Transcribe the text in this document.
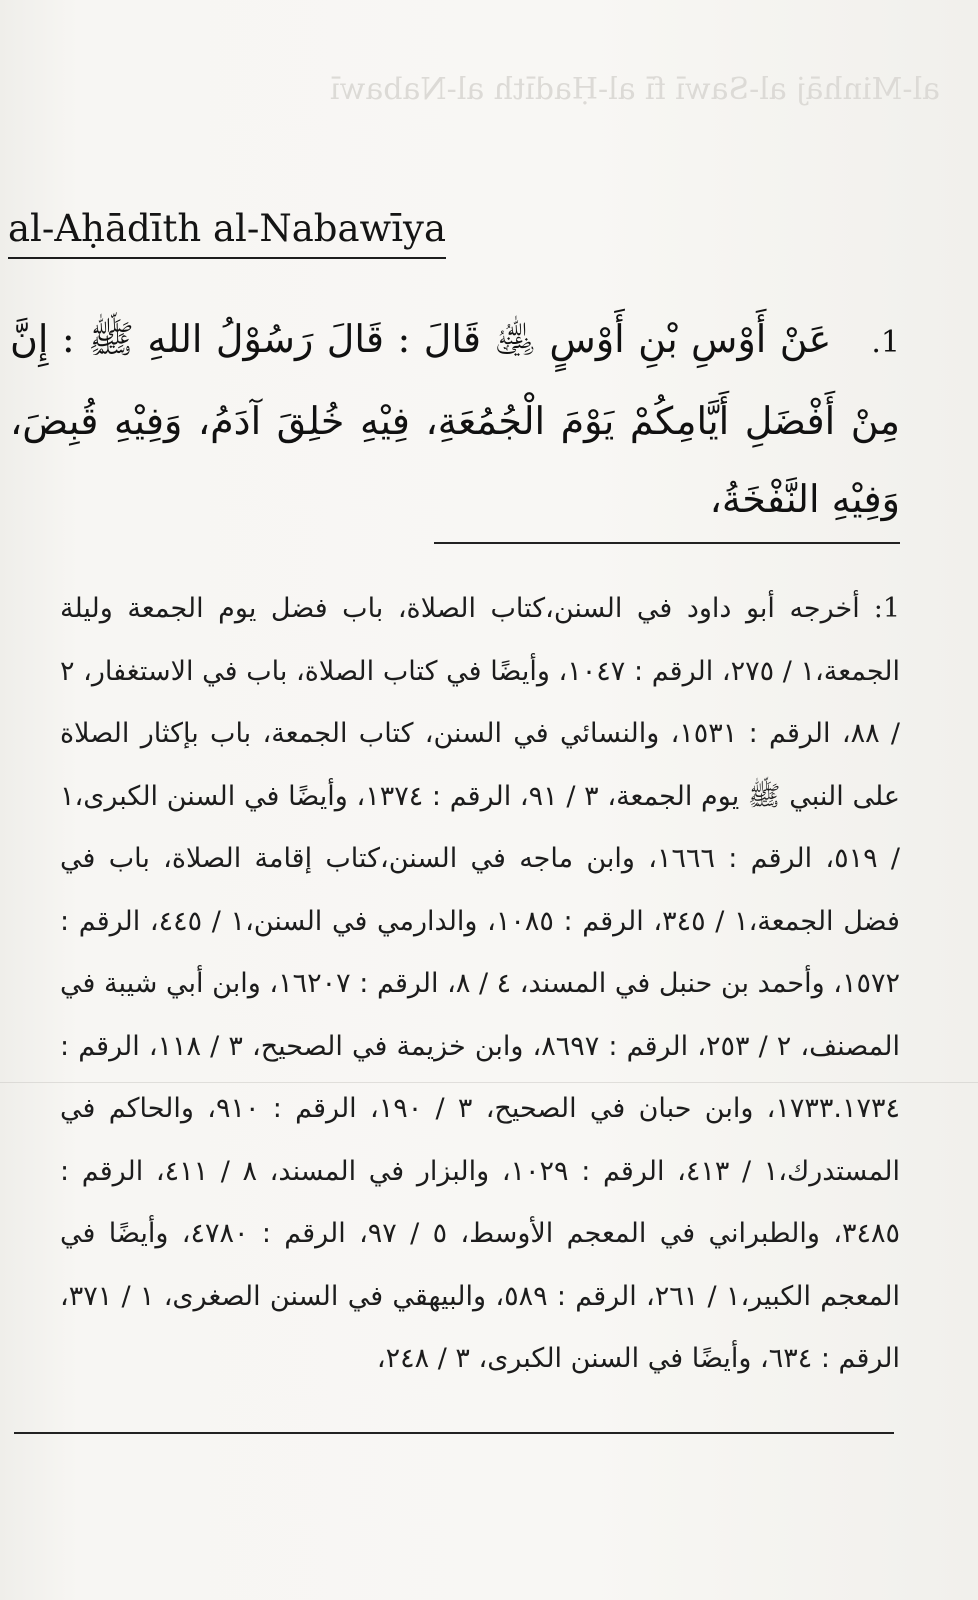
al-Minhāj al-Sawī fī al-Ḥadīth al-Nabawī
al-Aḥādīth al-Nabawīya
1.عَنْ أَوْسِ بْنِ أَوْسٍ ﵁ قَالَ : قَالَ رَسُوْلُ اللهِ ﷺ : إِنَّ مِنْ أَفْضَلِ أَيَّامِكُمْ يَوْمَ الْجُمُعَةِ، فِيْهِ خُلِقَ آدَمُ، وَفِيْهِ قُبِضَ، وَفِيْهِ النَّفْخَةُ،
1:أخرجه أبو داود في السنن،كتاب الصلاة، باب فضل يوم الجمعة وليلة الجمعة،١ / ٢٧٥، الرقم : ١٠٤٧، وأيضًا في كتاب الصلاة، باب في الاستغفار، ٢ / ٨٨، الرقم : ١٥٣١، والنسائي في السنن، كتاب الجمعة، باب بإكثار الصلاة على النبي ﷺ يوم الجمعة، ٣ / ٩١، الرقم : ١٣٧٤، وأيضًا في السنن الكبرى،١ / ٥١٩، الرقم : ١٦٦٦، وابن ماجه في السنن،كتاب إقامة الصلاة، باب في فضل الجمعة،١ / ٣٤٥، الرقم : ١٠٨٥، والدارمي في السنن،١ / ٤٤٥، الرقم : ١٥٧٢، وأحمد بن حنبل في المسند، ٤ / ٨، الرقم : ١٦٢٠٧، وابن أبي شيبة في المصنف، ٢ / ٢٥٣، الرقم : ٨٦٩٧، وابن خزيمة في الصحيح، ٣ / ١١٨، الرقم : ١٧٣٣.١٧٣٤، وابن حبان في الصحيح، ٣ / ١٩٠، الرقم : ٩١٠، والحاكم في المستدرك،١ / ٤١٣، الرقم : ١٠٢٩، والبزار في المسند، ٨ / ٤١١، الرقم : ٣٤٨٥، والطبراني في المعجم الأوسط، ٥ / ٩٧، الرقم : ٤٧٨٠، وأيضًا في المعجم الكبير،١ / ٢٦١، الرقم : ٥٨٩، والبيهقي في السنن الصغرى، ١ / ٣٧١، الرقم : ٦٣٤، وأيضًا في السنن الكبرى، ٣ / ٢٤٨،
